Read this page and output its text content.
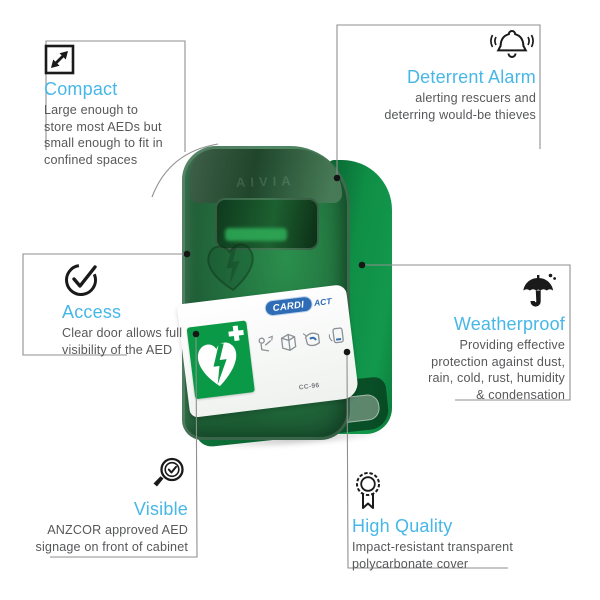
AIVIA
CARDI	ACT
CC-96
Compact
Large enough to
store most AEDs but
small enough to fit in
confined spaces
Deterrent Alarm
alerting rescuers and
deterring would-be thieves
Access
Clear door allows full
visibility of the AED
Weatherproof
Providing effective
protection against dust,
rain, cold, rust, humidity
& condensation
Visible
ANZCOR approved AED
signage on front of cabinet
High Quality
Impact-resistant transparent
polycarbonate cover
